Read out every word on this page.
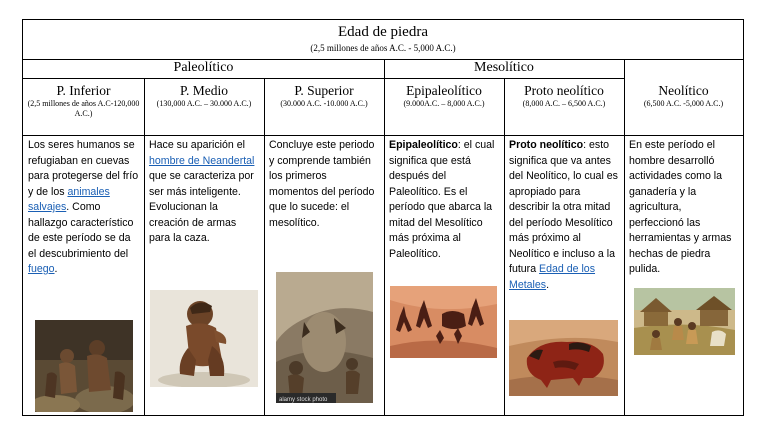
Edad de piedra
(2,5 millones de años A.C. - 5,000 A.C.)
Paleolítico	Mesolítico
P. Inferior
(2,5 millones de años A.C-120,000 A.C.)
P. Medio
(130,000 A.C. – 30.000 A.C.)
P. Superior
(30.000 A.C. -10.000 A.C.)
Epipaleolítico
(9.000A.C. – 8,000 A.C.)
Proto neolítico
(8,000 A.C. – 6,500 A.C.)
Neolítico
(6,500 A.C. -5,000 A.C.)
Los seres humanos se refugiaban en cuevas para protegerse del frío y de los animales salvajes. Como hallazgo característico de este período se da el descubrimiento del fuego.
Hace su aparición el hombre de Neandertal que se caracteriza por ser más inteligente. Evolucionan la creación de armas para la caza.
Concluye este periodo y comprende también los primeros momentos del período que lo sucede: el mesolítico.
Epipaleolítico: el cual significa que está después del Paleolítico. Es el período que abarca la mitad del Mesolítico más próxima al Paleolítico.
Proto neolítico: esto significa que va antes del Neolítico, lo cual es apropiado para describir la otra mitad del período Mesolítico más próximo al Neolítico e incluso a la futura Edad de los Metales.
En este período el hombre desarrolló actividades como la ganadería y la agricultura, perfeccionó las herramientas y armas hechas de piedra pulida.
alamy stock photo
